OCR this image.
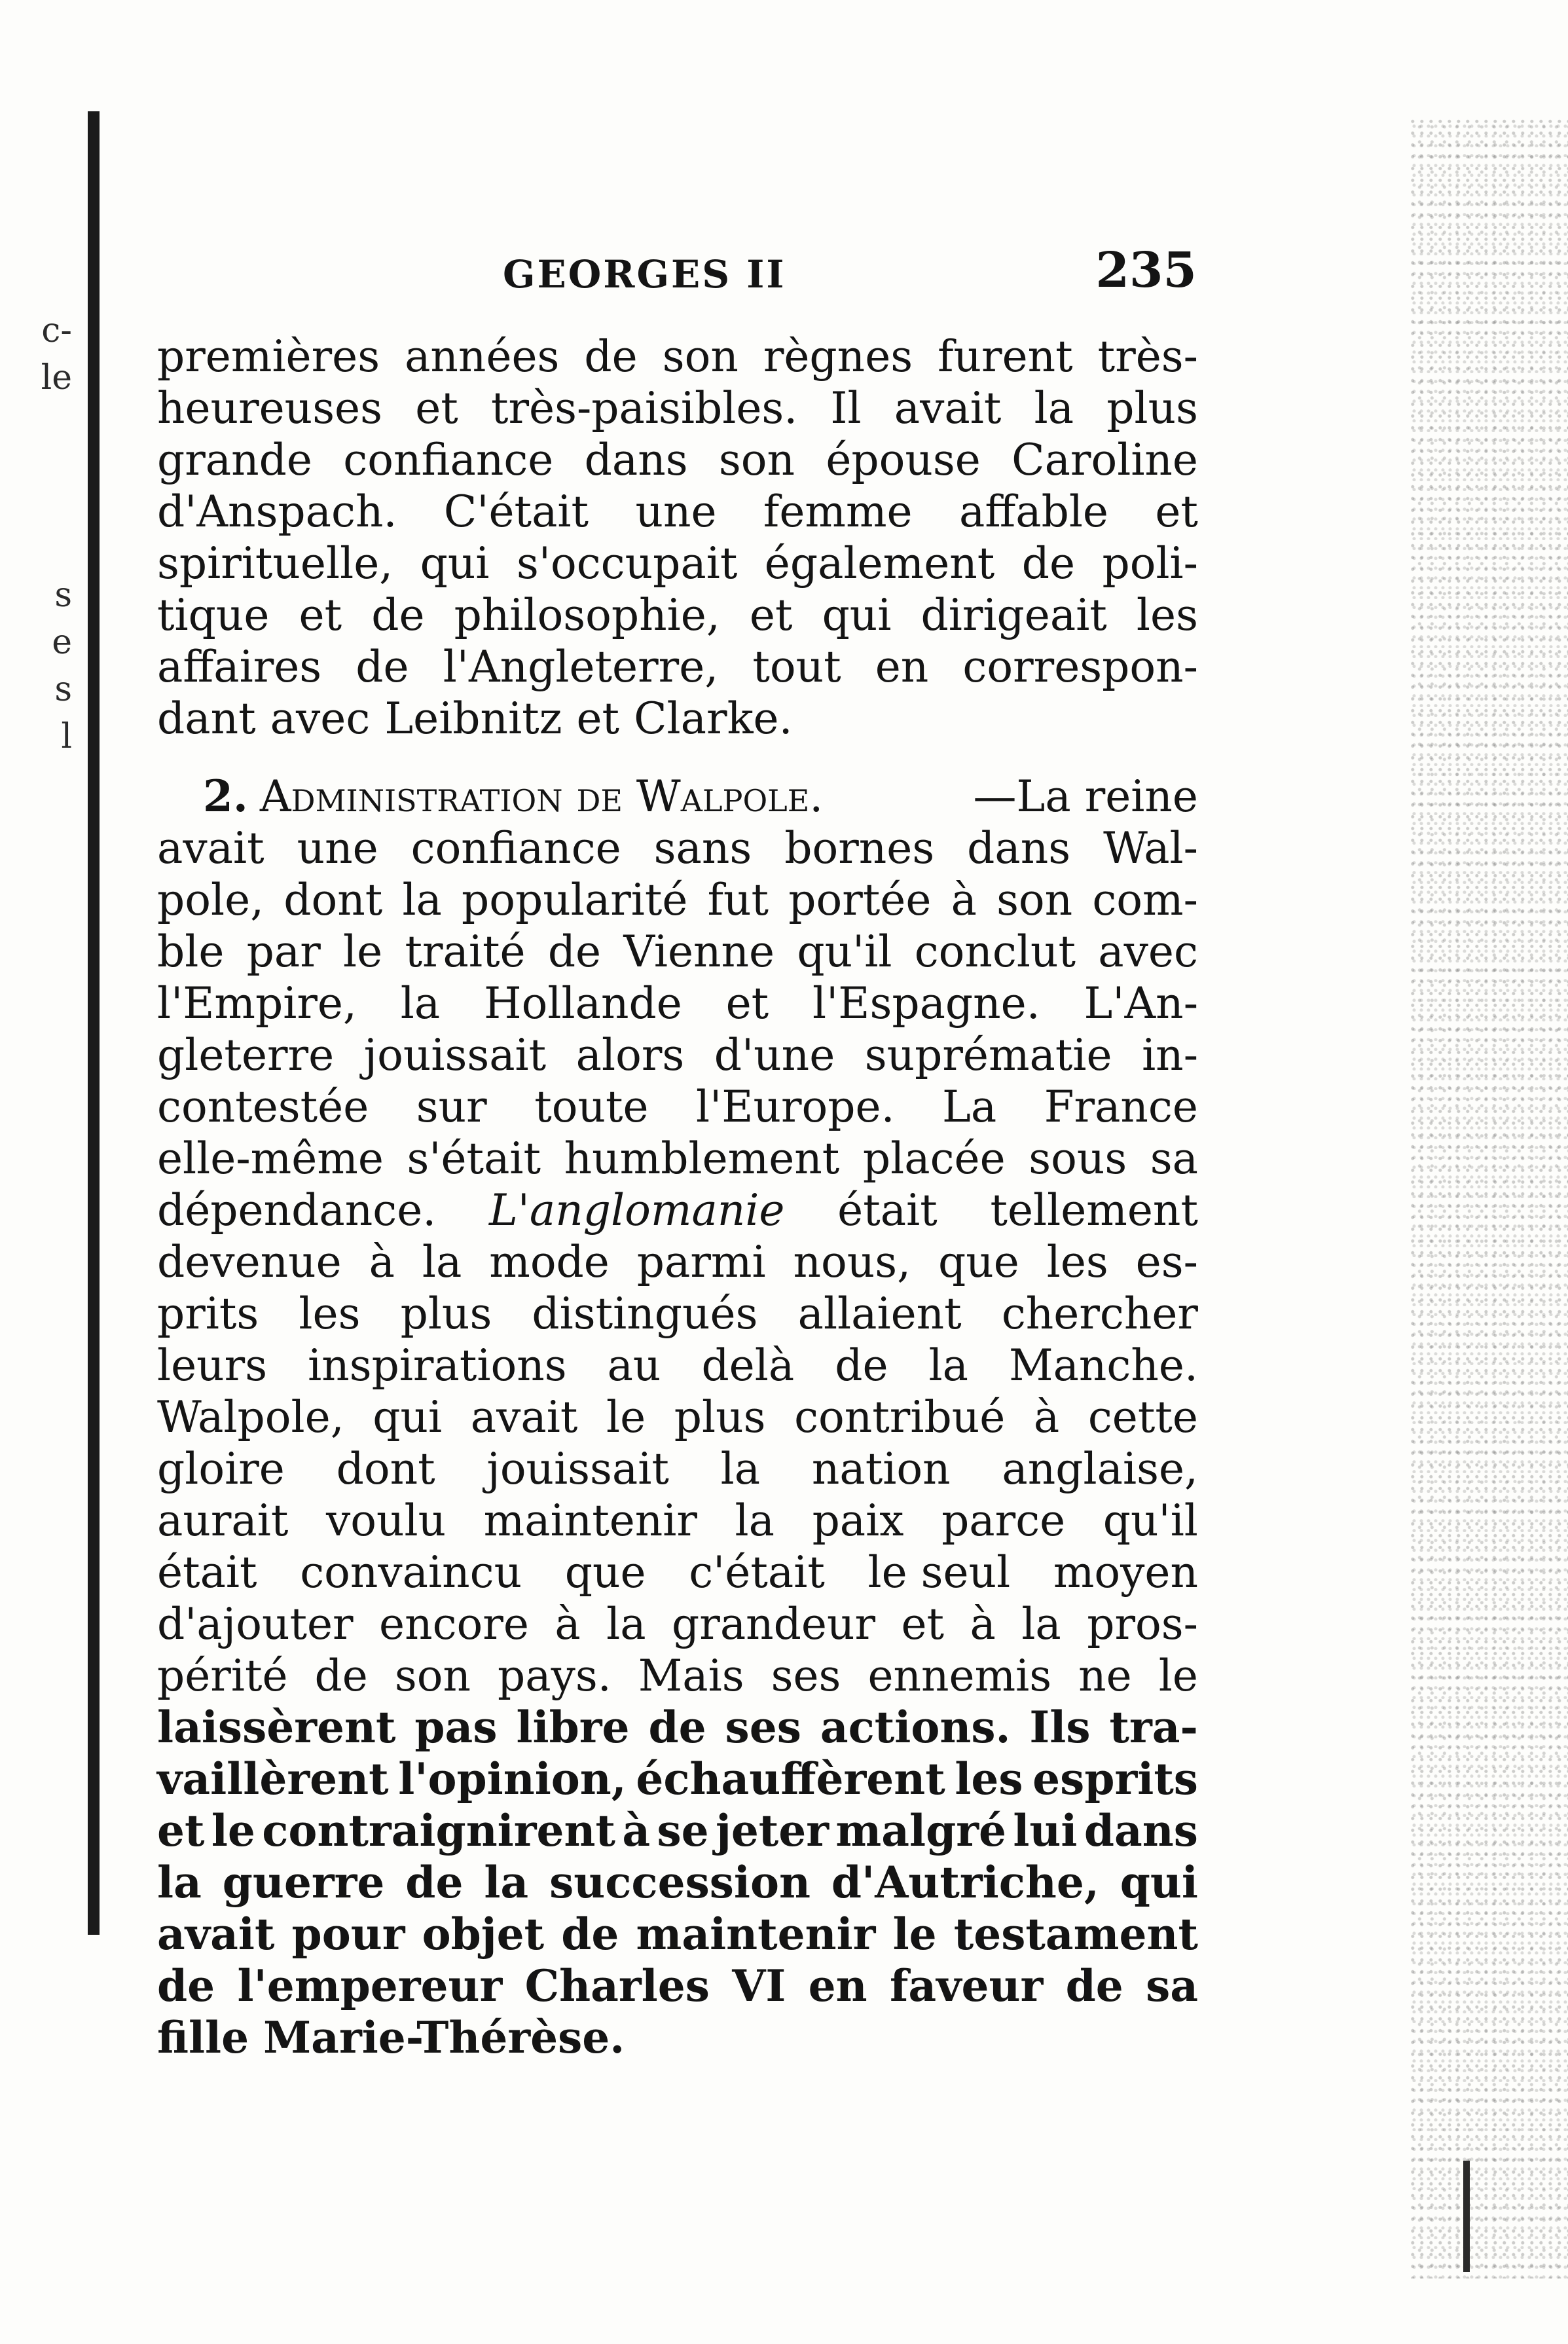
c-
le
s
e
s
l
GEORGES II	235
premières années de son règnes furent très-
heureuses et très-paisibles. Il avait la plus
grande confiance dans son épouse Caroline
d'Anspach. C'était une femme affable et
spirituelle, qui s'occupait également de poli-
tique et de philosophie, et qui dirigeait les
affaires de l'Angleterre, tout en correspon-
dant avec Leibnitz et Clarke.
2. Administration de Walpole.	—La reine
avait une confiance sans bornes dans Wal-
pole, dont la popularité fut portée à son com-
ble par le traité de Vienne qu'il conclut avec
l'Empire, la Hollande et l'Espagne. L'An-
gleterre jouissait alors d'une suprématie in-
contestée sur toute l'Europe. La France
elle-même s'était humblement placée sous sa
dépendance. L'anglomanie était tellement
devenue à la mode parmi nous, que les es-
prits les plus distingués allaient chercher
leurs inspirations au delà de la Manche.
Walpole, qui avait le plus contribué à cette
gloire dont jouissait la nation anglaise,
aurait voulu maintenir la paix parce qu'il
était convaincu que c'était le seul moyen
d'ajouter encore à la grandeur et à la pros-
périté de son pays. Mais ses ennemis ne le
laissèrent pas libre de ses actions. Ils tra-
vaillèrent l'opinion, échauffèrent les esprits
et le contraignirent à se jeter malgré lui dans
la guerre de la succession d'Autriche, qui
avait pour objet de maintenir le testament
de l'empereur Charles VI en faveur de sa
fille Marie-Thérèse.
